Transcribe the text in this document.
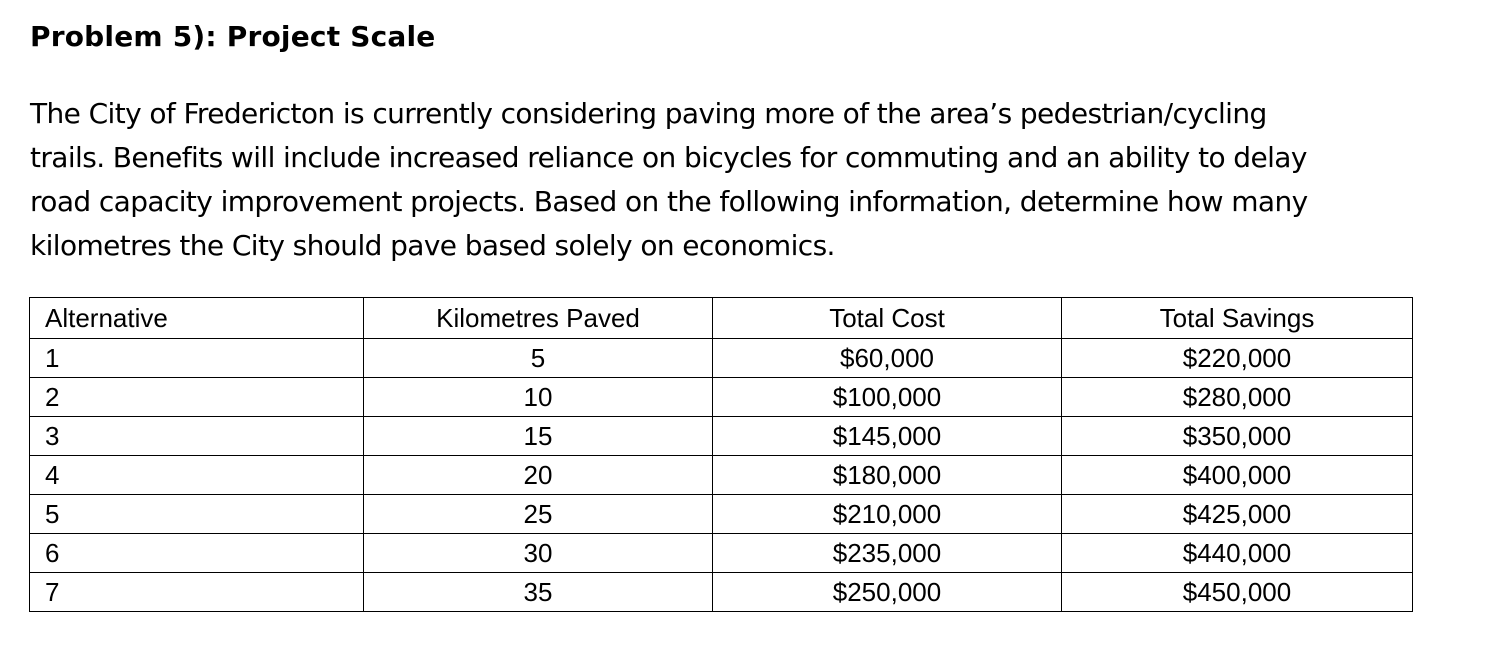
Problem 5): Project Scale
The City of Fredericton is currently considering paving more of the area’s pedestrian/cycling
trails. Benefits will include increased reliance on bicycles for commuting and an ability to delay
road capacity improvement projects. Based on the following information, determine how many
kilometres the City should pave based solely on economics.
Alternative	Kilometres Paved	Total Cost	Total Savings
1	5	$60,000	$220,000
2	10	$100,000	$280,000
3	15	$145,000	$350,000
4	20	$180,000	$400,000
5	25	$210,000	$425,000
6	30	$235,000	$440,000
7	35	$250,000	$450,000
